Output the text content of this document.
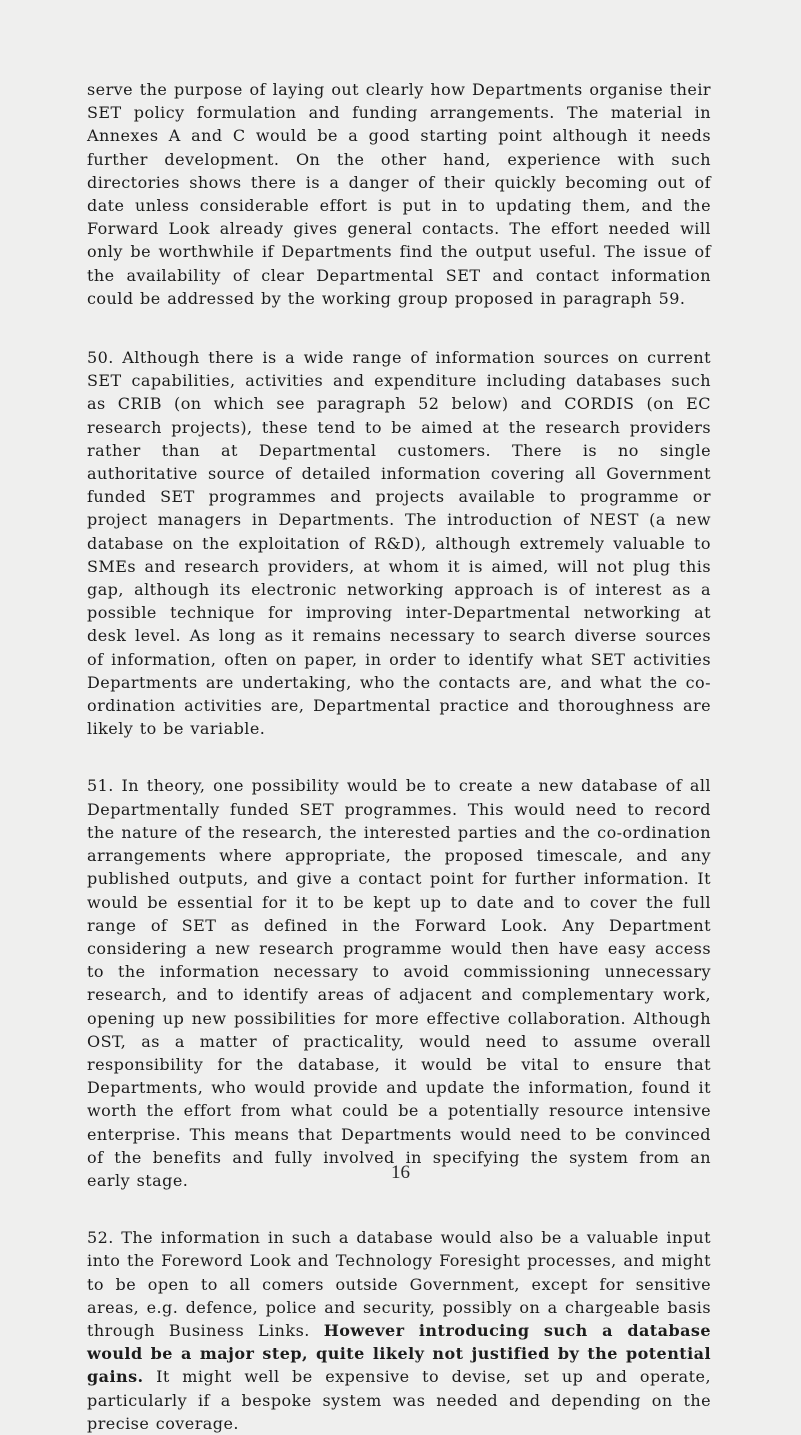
serve the purpose of laying out clearly how Departments organise their SET policy formulation and funding arrangements. The material in Annexes A and C would be a good starting point although it needs further development. On the other hand, experience with such directories shows there is a danger of their quickly becoming out of date unless considerable effort is put in to updating them, and the Forward Look already gives general contacts. The effort needed will only be worthwhile if Departments find the output useful. The issue of the availability of clear Departmental SET and contact information could be addressed by the working group proposed in paragraph 59.

50. Although there is a wide range of information sources on current SET capabilities, activities and expenditure including databases such as CRIB (on which see paragraph 52 below) and CORDIS (on EC research projects), these tend to be aimed at the research providers rather than at Departmental customers. There is no single authoritative source of detailed information covering all Government funded SET programmes and projects available to programme or project managers in Departments. The introduction of NEST (a new database on the exploitation of R&D), although extremely valuable to SMEs and research providers, at whom it is aimed, will not plug this gap, although its electronic networking approach is of interest as a possible technique for improving inter-Departmental networking at desk level. As long as it remains necessary to search diverse sources of information, often on paper, in order to identify what SET activities Departments are undertaking, who the contacts are, and what the co-ordination activities are, Departmental practice and thoroughness are likely to be variable.

51. In theory, one possibility would be to create a new database of all Departmentally funded SET programmes. This would need to record the nature of the research, the interested parties and the co-ordination arrangements where appropriate, the proposed timescale, and any published outputs, and give a contact point for further information. It would be essential for it to be kept up to date and to cover the full range of SET as defined in the Forward Look. Any Department considering a new research programme would then have easy access to the information necessary to avoid commissioning unnecessary research, and to identify areas of adjacent and complementary work, opening up new possibilities for more effective collaboration. Although OST, as a matter of practicality, would need to assume overall responsibility for the database, it would be vital to ensure that Departments, who would provide and update the information, found it worth the effort from what could be a potentially resource intensive enterprise. This means that Departments would need to be convinced of the benefits and fully involved in specifying the system from an early stage.

52. The information in such a database would also be a valuable input into the Foreword Look and Technology Foresight processes, and might to be open to all comers outside Government, except for sensitive areas, e.g. defence, police and security, possibly on a chargeable basis through Business Links. However introducing such a database would be a major step, quite likely not justified by the potential gains. It might well be expensive to devise, set up and operate, particularly if a bespoke system was needed and depending on the precise coverage.

16
